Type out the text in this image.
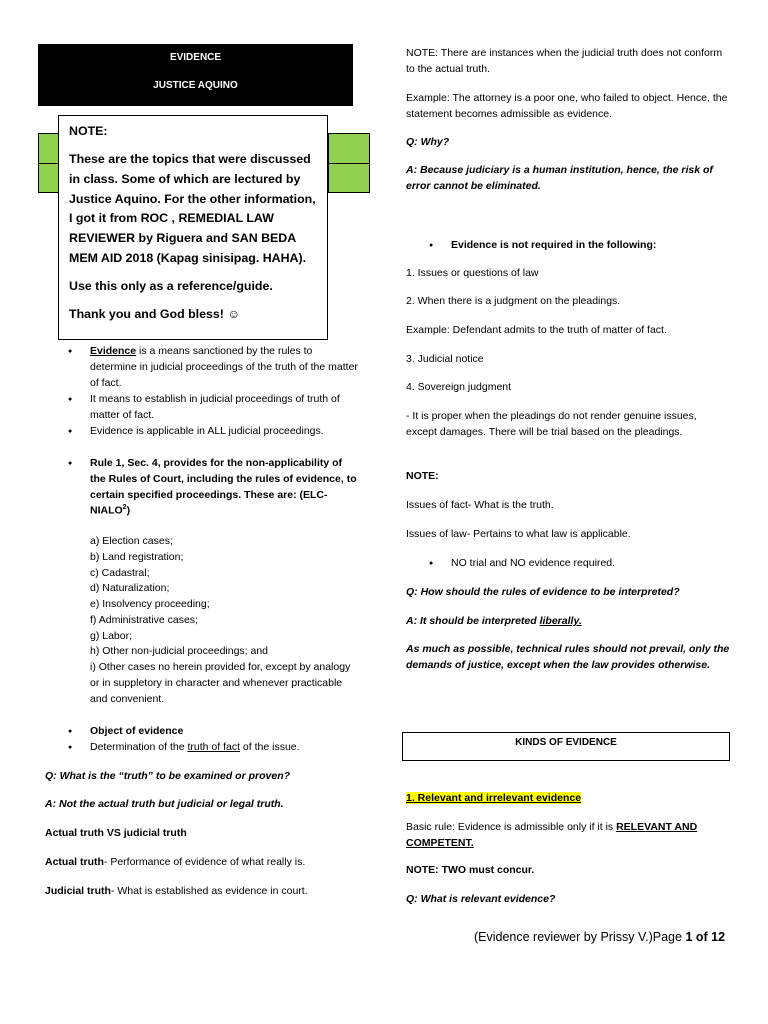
EVIDENCE
JUSTICE AQUINO

NOTE:

These are the topics that were discussed in class. Some of which are lectured by Justice Aquino. For the other information, I got it from ROC , REMEDIAL LAW REVIEWER by Riguera and SAN BEDA MEM AID 2018 (Kapag sinisipag. HAHA).

Use this only as a reference/guide.

Thank you and God bless! ☺

● Evidence is a means sanctioned by the rules to determine in judicial proceedings of the truth of the matter of fact.
● It means to establish in judicial proceedings of truth of matter of fact.
● Evidence is applicable in ALL judicial proceedings.
● Rule 1, Sec. 4, provides for the non-applicability of the Rules of Court, including the rules of evidence, to certain specified proceedings. These are: (ELC-NIALO$^2$)
a) Election cases;
b) Land registration;
c) Cadastral;
d) Naturalization;
e) Insolvency proceeding;
f) Administrative cases;
g) Labor;
h) Other non-judicial proceedings; and
i) Other cases no herein provided for, except by analogy or in suppletory in character and whenever practicable and convenient.
● Object of evidence
● Determination of the truth of fact of the issue.
Q: What is the “truth” to be examined or proven?
A: Not the actual truth but judicial or legal truth.
Actual truth VS judicial truth
Actual truth- Performance of evidence of what really is.
Judicial truth- What is established as evidence in court.
NOTE: There are instances when the judicial truth does not conform to the actual truth.
Example: The attorney is a poor one, who failed to object. Hence, the statement becomes admissible as evidence.
Q: Why?
A: Because judiciary is a human institution, hence, the risk of error cannot be eliminated.
● Evidence is not required in the following:
1. Issues or questions of law
2. When there is a judgment on the pleadings.
Example: Defendant admits to the truth of matter of fact.
3. Judicial notice
4. Sovereign judgment
- It is proper when the pleadings do not render genuine issues, except damages. There will be trial based on the pleadings.
NOTE:
Issues of fact- What is the truth.
Issues of law- Pertains to what law is applicable.
● NO trial and NO evidence required.
Q: How should the rules of evidence to be interpreted?
A: It should be interpreted liberally.
As much as possible, technical rules should not prevail, only the demands of justice, except when the law provides otherwise.
KINDS OF EVIDENCE
1. Relevant and irrelevant evidence
Basic rule: Evidence is admissible only if it is RELEVANT AND COMPETENT.
NOTE: TWO must concur.
Q: What is relevant evidence?
(Evidence reviewer by Prissy V.)Page 1 of 12
